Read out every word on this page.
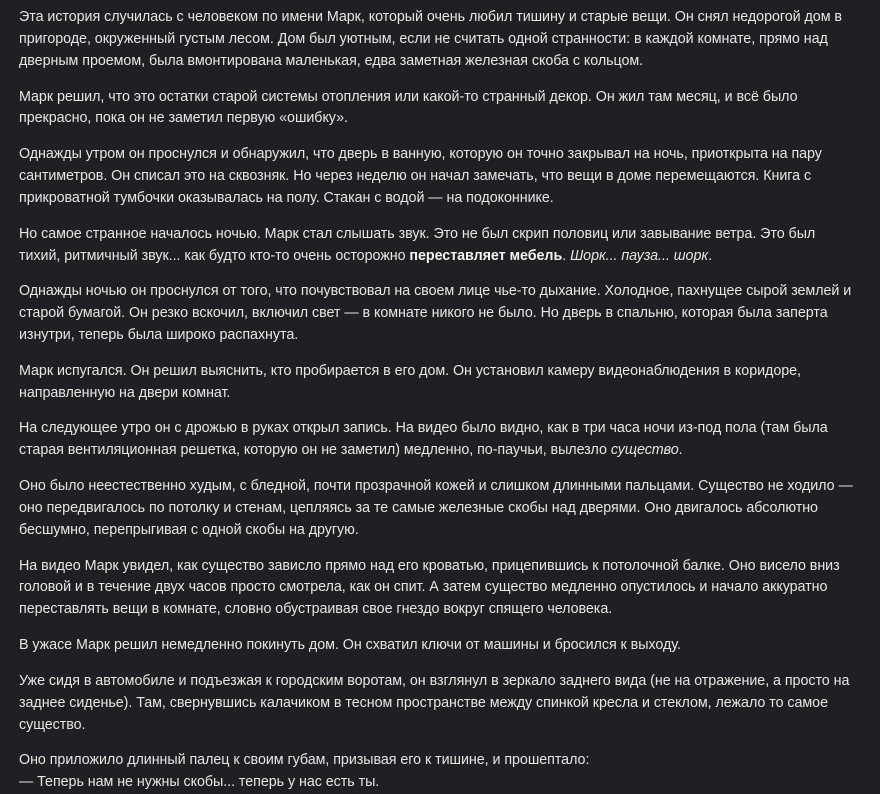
Эта история случилась с человеком по имени Марк, который очень любил тишину и старые вещи. Он снял недорогой дом в пригороде, окруженный густым лесом. Дом был уютным, если не считать одной странности: в каждой комнате, прямо над дверным проемом, была вмонтирована маленькая, едва заметная железная скоба с кольцом.

Марк решил, что это остатки старой системы отопления или какой-то странный декор. Он жил там месяц, и всё было прекрасно, пока он не заметил первую «ошибку».

Однажды утром он проснулся и обнаружил, что дверь в ванную, которую он точно закрывал на ночь, приоткрыта на пару сантиметров. Он списал это на сквозняк. Но через неделю он начал замечать, что вещи в доме перемещаются. Книга с прикроватной тумбочки оказывалась на полу. Стакан с водой — на подоконнике.

Но самое странное началось ночью. Марк стал слышать звук. Это не был скрип половиц или завывание ветра. Это был тихий, ритмичный звук... как будто кто-то очень осторожно переставляет мебель. Шорк... пауза... шорк.

Однажды ночью он проснулся от того, что почувствовал на своем лице чье-то дыхание. Холодное, пахнущее сырой землей и старой бумагой. Он резко вскочил, включил свет — в комнате никого не было. Но дверь в спальню, которая была заперта изнутри, теперь была широко распахнута.

Марк испугался. Он решил выяснить, кто пробирается в его дом. Он установил камеру видеонаблюдения в коридоре, направленную на двери комнат.

На следующее утро он с дрожью в руках открыл запись. На видео было видно, как в три часа ночи из-под пола (там была старая вентиляционная решетка, которую он не заметил) медленно, по-паучьи, вылезло существо.

Оно было неестественно худым, с бледной, почти прозрачной кожей и слишком длинными пальцами. Существо не ходило — оно передвигалось по потолку и стенам, цепляясь за те самые железные скобы над дверями. Оно двигалось абсолютно бесшумно, перепрыгивая с одной скобы на другую.

На видео Марк увидел, как существо зависло прямо над его кроватью, прицепившись к потолочной балке. Оно висело вниз головой и в течение двух часов просто смотрела, как он спит. А затем существо медленно опустилось и начало аккуратно переставлять вещи в комнате, словно обустраивая свое гнездо вокруг спящего человека.

В ужасе Марк решил немедленно покинуть дом. Он схватил ключи от машины и бросился к выходу.

Уже сидя в автомобиле и подъезжая к городским воротам, он взглянул в зеркало заднего вида (не на отражение, а просто на заднее сиденье). Там, свернувшись калачиком в тесном пространстве между спинкой кресла и стеклом, лежало то самое существо.

Оно приложило длинный палец к своим губам, призывая его к тишине, и прошептало:
— Теперь нам не нужны скобы... теперь у нас есть ты.
